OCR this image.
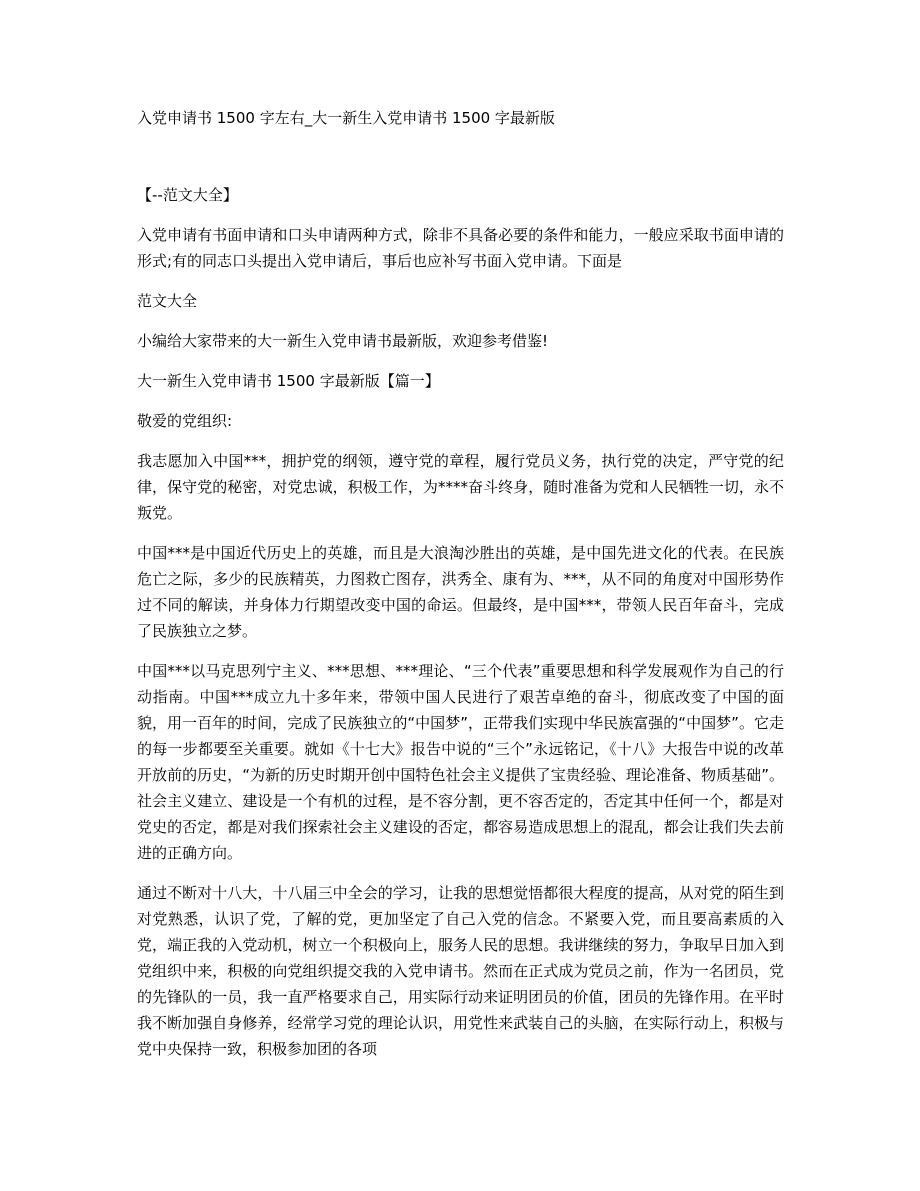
入党申请书 1500 字左右_大一新生入党申请书 1500 字最新版

【--范文大全】

入党申请有书面申请和口头申请两种方式，除非不具备必要的条件和能力，一般应采取书面申请的形式;有的同志口头提出入党申请后，事后也应补写书面入党申请。下面是

范文大全

小编给大家带来的大一新生入党申请书最新版，欢迎参考借鉴!

大一新生入党申请书 1500 字最新版【篇一】

敬爱的党组织:

我志愿加入中国***，拥护党的纲领，遵守党的章程，履行党员义务，执行党的决定，严守党的纪律，保守党的秘密，对党忠诚，积极工作，为****奋斗终身，随时准备为党和人民牺牲一切，永不叛党。

中国***是中国近代历史上的英雄，而且是大浪淘沙胜出的英雄，是中国先进文化的代表。在民族危亡之际，多少的民族精英，力图救亡图存，洪秀全、康有为、***，从不同的角度对中国形势作过不同的解读，并身体力行期望改变中国的命运。但最终，是中国***，带领人民百年奋斗，完成了民族独立之梦。

中国***以马克思列宁主义、***思想、***理论、“三个代表”重要思想和科学发展观作为自己的行动指南。中国***成立九十多年来，带领中国人民进行了艰苦卓绝的奋斗，彻底改变了中国的面貌，用一百年的时间，完成了民族独立的“中国梦”，正带我们实现中华民族富强的“中国梦”。它走的每一步都要至关重要。就如《十七大》报告中说的“三个”永远铭记，《十八》大报告中说的改革开放前的历史，“为新的历史时期开创中国特色社会主义提供了宝贵经验、理论准备、物质基础”。社会主义建立、建设是一个有机的过程，是不容分割，更不容否定的，否定其中任何一个，都是对党史的否定，都是对我们探索社会主义建设的否定，都容易造成思想上的混乱，都会让我们失去前进的正确方向。

通过不断对十八大，十八届三中全会的学习，让我的思想觉悟都很大程度的提高，从对党的陌生到对党熟悉，认识了党，了解的党，更加坚定了自己入党的信念。不紧要入党，而且要高素质的入党，端正我的入党动机，树立一个积极向上，服务人民的思想。我讲继续的努力，争取早日加入到党组织中来，积极的向党组织提交我的入党申请书。然而在正式成为党员之前，作为一名团员，党的先锋队的一员，我一直严格要求自己，用实际行动来证明团员的价值，团员的先锋作用。在平时我不断加强自身修养，经常学习党的理论认识，用党性来武装自己的头脑，在实际行动上，积极与党中央保持一致，积极参加团的各项
